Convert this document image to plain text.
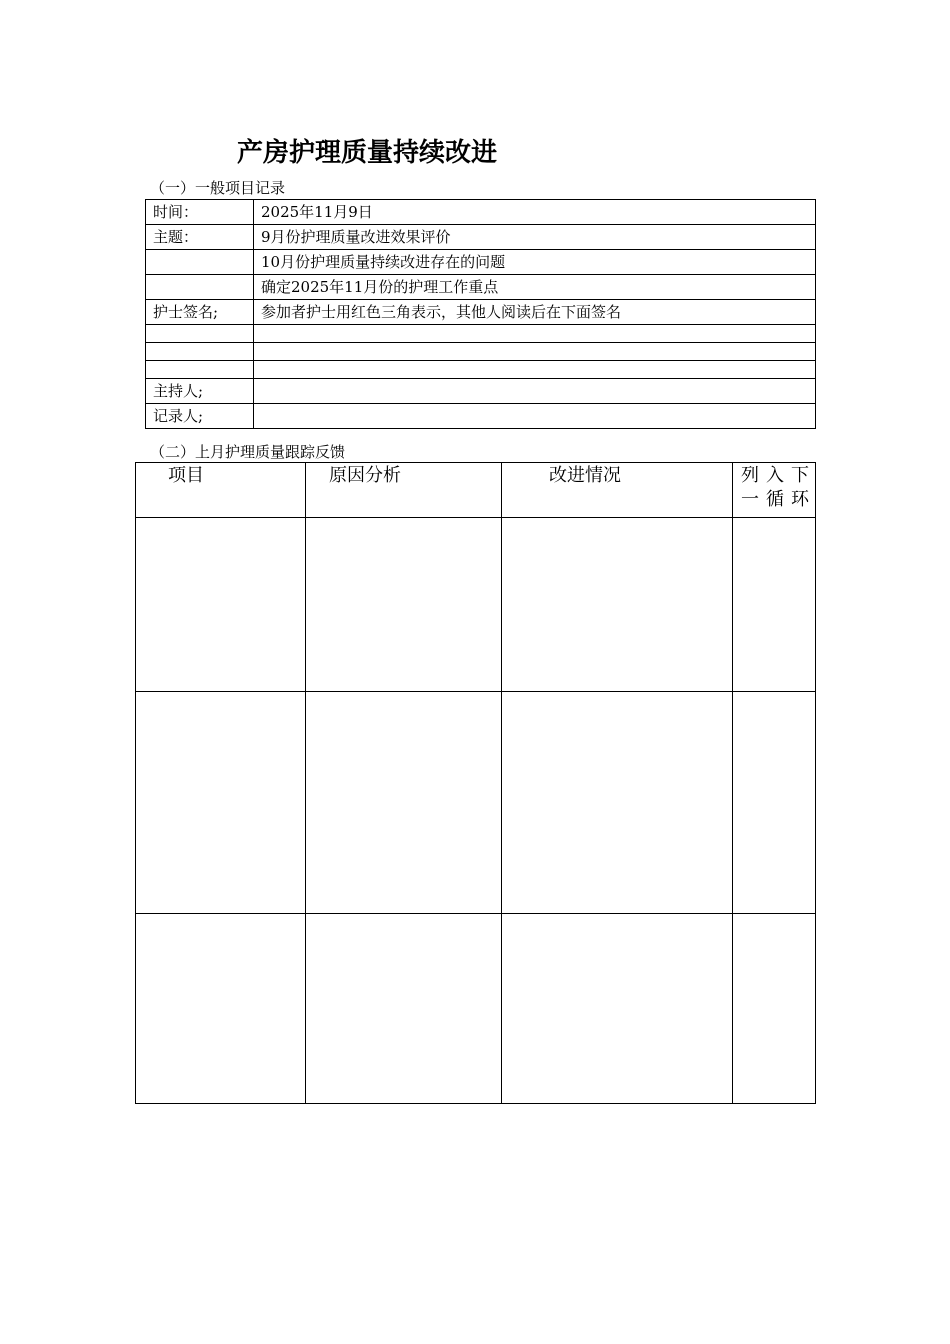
产房护理质量持续改进
（一）一般项目记录
时间：	2025年11月9日
主题：	9月份护理质量改进效果评价
	10月份护理质量持续改进存在的问题
	确定2025年11月份的护理工作重点
护士签名;	参加者护士用红色三角表示，其他人阅读后在下面签名

主持人;	
记录人;	
（二）上月护理质量跟踪反馈
项目	原因分析	改进情况	列入下一循环
